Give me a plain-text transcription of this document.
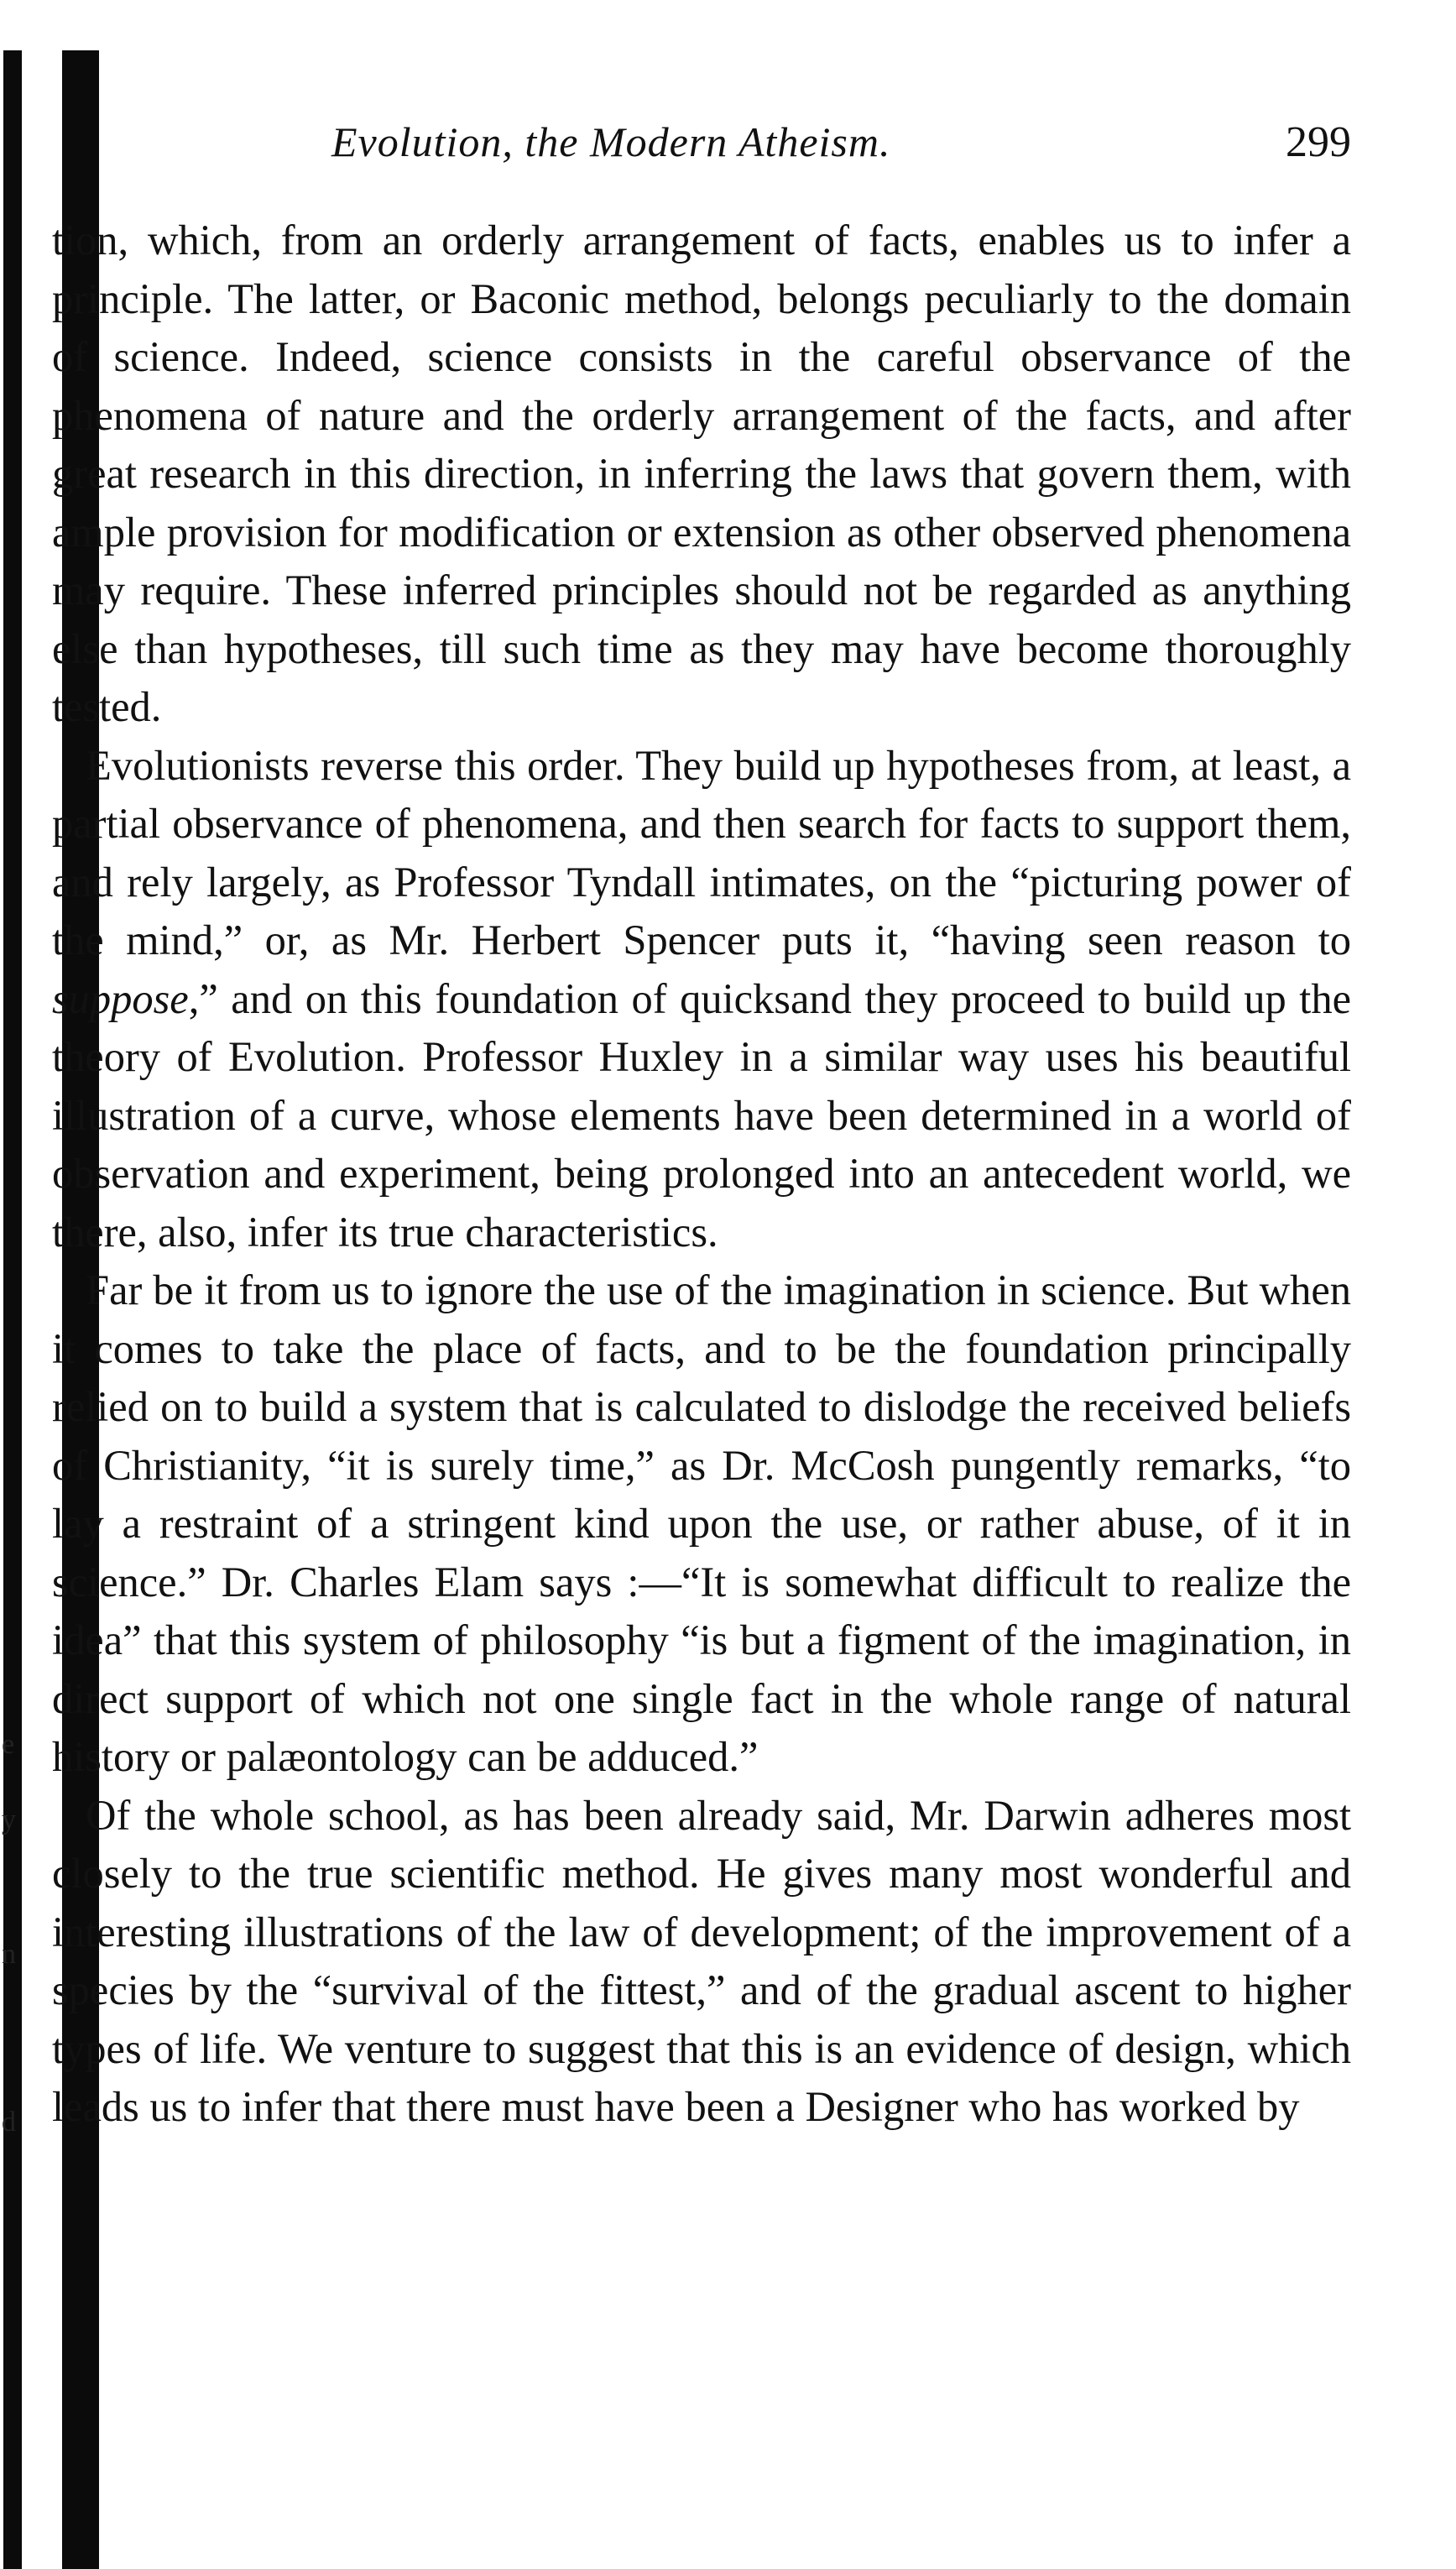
Evolution, the Modern Atheism.	299

tion, which, from an orderly arrangement of facts, enables us to infer a principle. The latter, or Baconic method, belongs peculiarly to the domain of science. Indeed, science consists in the careful observance of the phenomena of nature and the orderly arrangement of the facts, and after great research in this direction, in inferring the laws that govern them, with ample provision for modification or extension as other observed phenomena may require. These inferred principles should not be regarded as anything else than hypotheses, till such time as they may have become thoroughly tested.

Evolutionists reverse this order. They build up hypotheses from, at least, a partial observance of phenomena, and then search for facts to support them, and rely largely, as Professor Tyndall intimates, on the “picturing power of the mind,” or, as Mr. Herbert Spencer puts it, “having seen reason to suppose,” and on this foundation of quicksand they proceed to build up the theory of Evolution. Professor Huxley in a similar way uses his beautiful illustration of a curve, whose elements have been determined in a world of observation and experiment, being prolonged into an antecedent world, we there, also, infer its true characteristics.

Far be it from us to ignore the use of the imagination in science. But when it comes to take the place of facts, and to be the foundation principally relied on to build a system that is calculated to dislodge the received beliefs of Christianity, “it is surely time,” as Dr. McCosh pungently remarks, “to lay a restraint of a stringent kind upon the use, or rather abuse, of it in science.” Dr. Charles Elam says :—“It is somewhat difficult to realize the idea” that this system of philosophy “is but a figment of the imagination, in direct support of which not one single fact in the whole range of natural history or palæontology can be adduced.”

Of the whole school, as has been already said, Mr. Darwin adheres most closely to the true scientific method. He gives many most wonderful and interesting illustrations of the law of development; of the improvement of a species by the “survival of the fittest,” and of the gradual ascent to higher types of life. We venture to suggest that this is an evidence of design, which leads us to infer that there must have been a Designer who has worked by

e
y
n
d
